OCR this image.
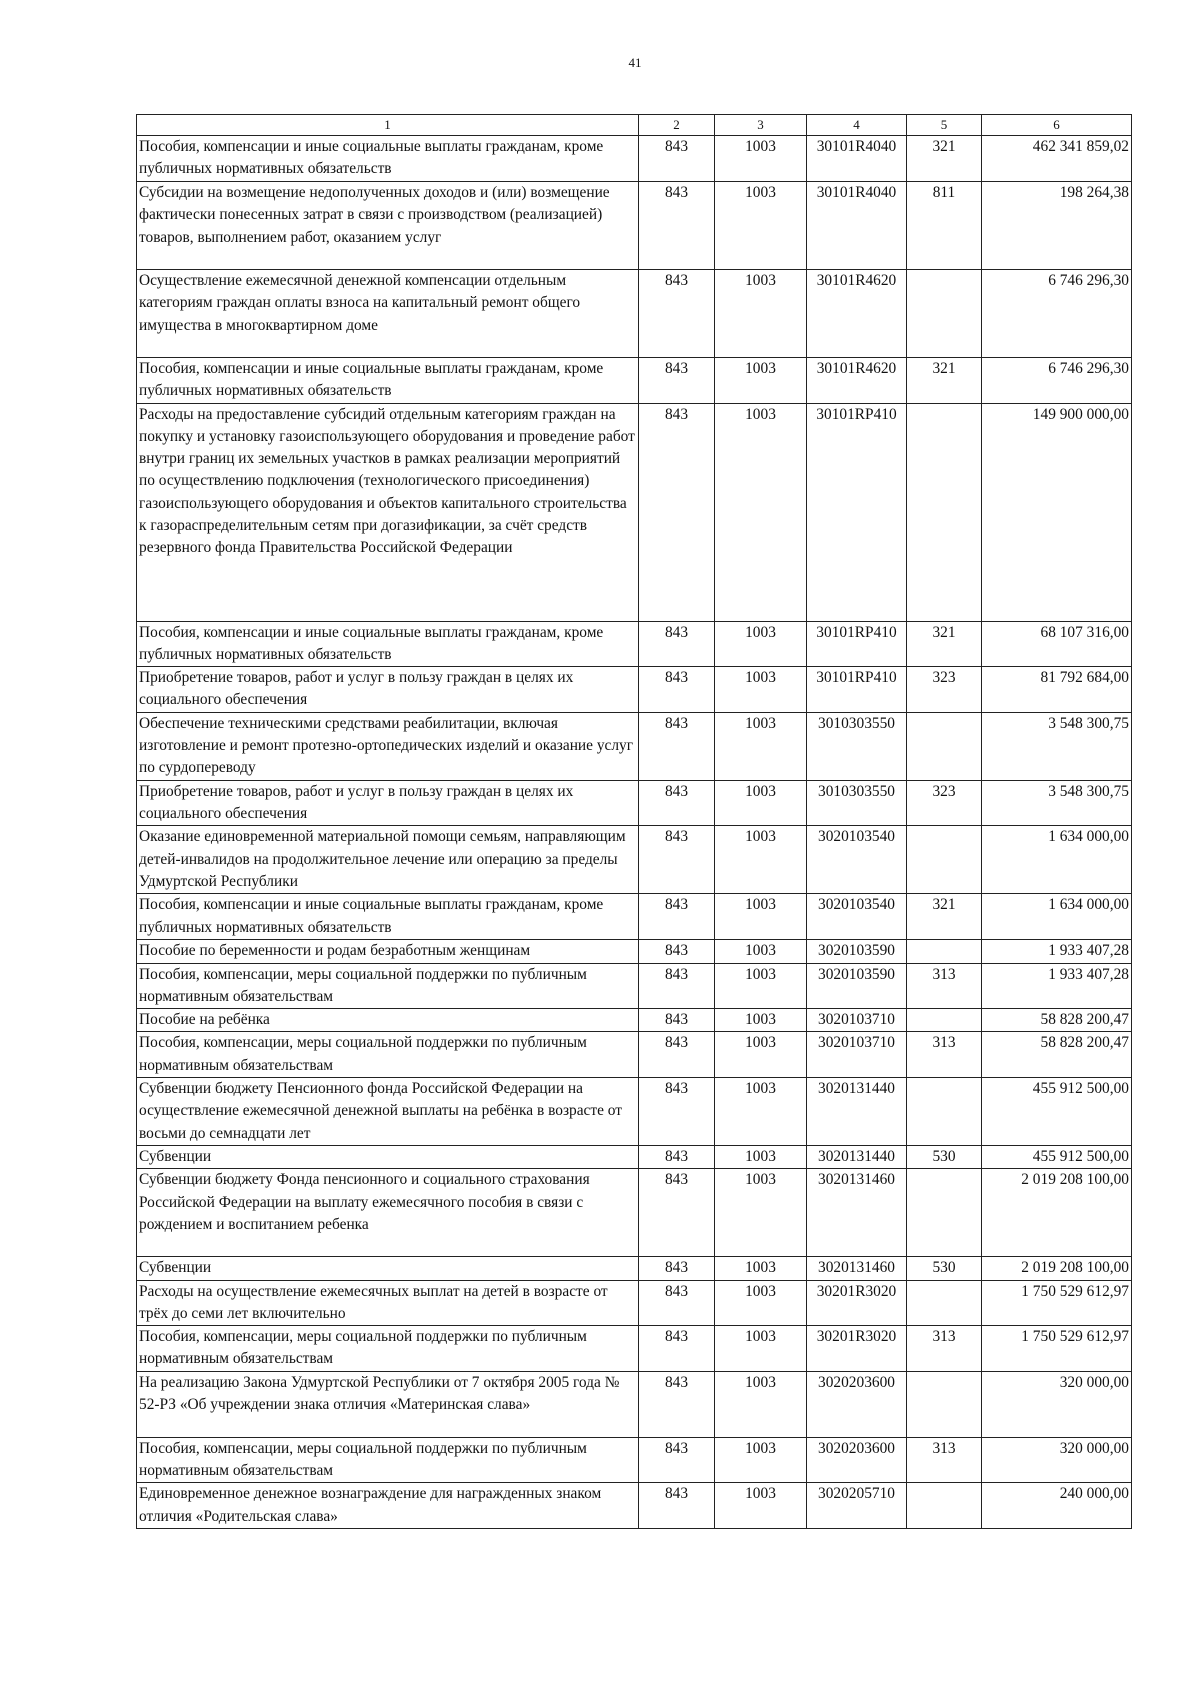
41
1	2	3	4	5	6
Пособия, компенсации и иные социальные выплаты гражданам, кроме публичных нормативных обязательств	843	1003	30101R4040	321	462 341 859,02
Субсидии на возмещение недополученных доходов и (или) возмещение фактически понесенных затрат в связи с производством (реализацией) товаров, выполнением работ, оказанием услуг	843	1003	30101R4040	811	198 264,38
Осуществление ежемесячной денежной компенсации отдельным категориям граждан оплаты взноса на капитальный ремонт общего имущества в многоквартирном доме	843	1003	30101R4620		6 746 296,30
Пособия, компенсации и иные социальные выплаты гражданам, кроме публичных нормативных обязательств	843	1003	30101R4620	321	6 746 296,30
Расходы на предоставление субсидий отдельным категориям граждан на покупку и установку газоиспользующего оборудования и проведение работ внутри границ их земельных участков в рамках реализации мероприятий по осуществлению подключения (технологического присоединения) газоиспользующего оборудования и объектов капитального строительства к газораспределительным сетям при догазификации, за счёт средств резервного фонда Правительства Российской Федерации	843	1003	30101RP410		149 900 000,00
Пособия, компенсации и иные социальные выплаты гражданам, кроме публичных нормативных обязательств	843	1003	30101RP410	321	68 107 316,00
Приобретение товаров, работ и услуг в пользу граждан в целях их социального обеспечения	843	1003	30101RP410	323	81 792 684,00
Обеспечение техническими средствами реабилитации, включая изготовление и ремонт протезно-ортопедических изделий и оказание услуг по сурдопереводу	843	1003	3010303550		3 548 300,75
Приобретение товаров, работ и услуг в пользу граждан в целях их социального обеспечения	843	1003	3010303550	323	3 548 300,75
Оказание единовременной материальной помощи семьям, направляющим детей-инвалидов на продолжительное лечение или операцию за пределы Удмуртской Республики	843	1003	3020103540		1 634 000,00
Пособия, компенсации и иные социальные выплаты гражданам, кроме публичных нормативных обязательств	843	1003	3020103540	321	1 634 000,00
Пособие по беременности и родам безработным женщинам	843	1003	3020103590		1 933 407,28
Пособия, компенсации, меры социальной поддержки по публичным нормативным обязательствам	843	1003	3020103590	313	1 933 407,28
Пособие на ребёнка	843	1003	3020103710		58 828 200,47
Пособия, компенсации, меры социальной поддержки по публичным нормативным обязательствам	843	1003	3020103710	313	58 828 200,47
Субвенции бюджету Пенсионного фонда Российской Федерации на осуществление ежемесячной денежной выплаты на ребёнка в возрасте от восьми до семнадцати лет	843	1003	3020131440		455 912 500,00
Субвенции	843	1003	3020131440	530	455 912 500,00
Субвенции бюджету Фонда пенсионного и социального страхования Российской Федерации на выплату ежемесячного пособия в связи с рождением и воспитанием ребенка	843	1003	3020131460		2 019 208 100,00
Субвенции	843	1003	3020131460	530	2 019 208 100,00
Расходы на осуществление ежемесячных выплат на детей в возрасте от трёх до семи лет включительно	843	1003	30201R3020		1 750 529 612,97
Пособия, компенсации, меры социальной поддержки по публичным нормативным обязательствам	843	1003	30201R3020	313	1 750 529 612,97
На реализацию Закона Удмуртской Республики от 7 октября 2005 года № 52-РЗ «Об учреждении знака отличия «Материнская слава»	843	1003	3020203600		320 000,00
Пособия, компенсации, меры социальной поддержки по публичным нормативным обязательствам	843	1003	3020203600	313	320 000,00
Единовременное денежное вознаграждение для награжденных знаком отличия «Родительская слава»	843	1003	3020205710		240 000,00
